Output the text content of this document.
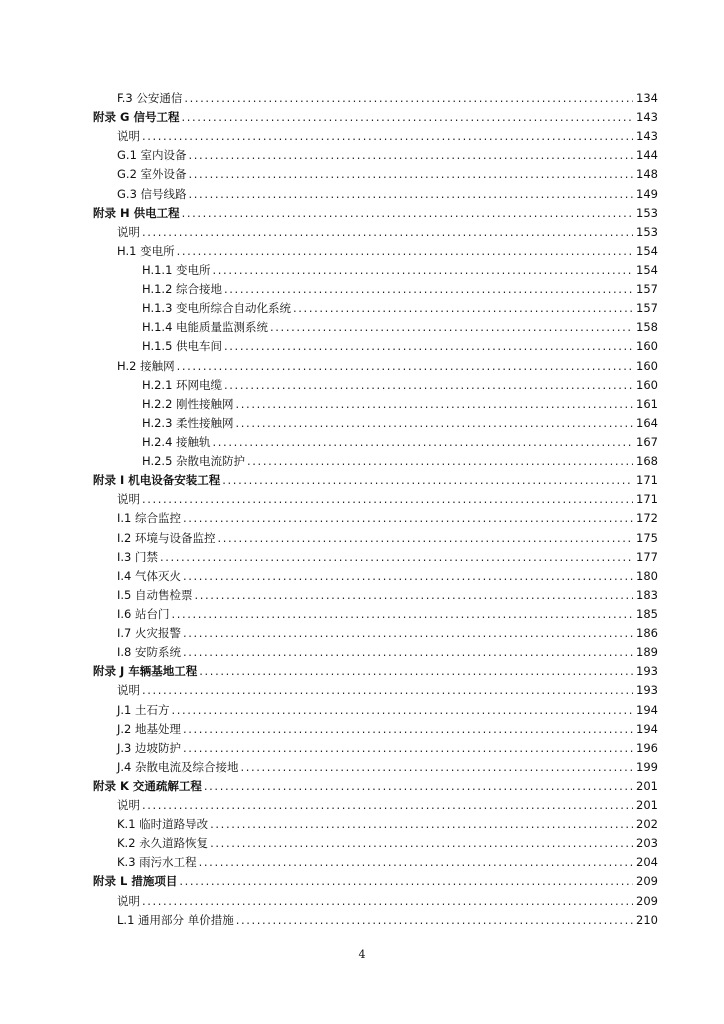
F.3 公安通信 .....	134
附录 G 信号工程 .....	143
说明 .....	143
G.1 室内设备 .....	144
G.2 室外设备 .....	148
G.3 信号线路 .....	149
附录 H 供电工程 .....	153
说明 .....	153
H.1 变电所 .....	154
H.1.1 变电所 .....	154
H.1.2 综合接地 .....	157
H.1.3 变电所综合自动化系统 .....	157
H.1.4 电能质量监测系统 .....	158
H.1.5 供电车间 .....	160
H.2 接触网 .....	160
H.2.1 环网电缆 .....	160
H.2.2 刚性接触网 .....	161
H.2.3 柔性接触网 .....	164
H.2.4 接触轨 .....	167
H.2.5 杂散电流防护 .....	168
附录 I 机电设备安装工程 .....	171
说明 .....	171
I.1 综合监控 .....	172
I.2 环境与设备监控 .....	175
I.3 门禁 .....	177
I.4 气体灭火 .....	180
I.5 自动售检票 .....	183
I.6 站台门 .....	185
I.7 火灾报警 .....	186
I.8 安防系统 .....	189
附录 J 车辆基地工程 .....	193
说明 .....	193
J.1 土石方 .....	194
J.2 地基处理 .....	194
J.3 边坡防护 .....	196
J.4 杂散电流及综合接地 .....	199
附录 K 交通疏解工程 .....	201
说明 .....	201
K.1 临时道路导改 .....	202
K.2 永久道路恢复 .....	203
K.3 雨污水工程 .....	204
附录 L 措施项目 .....	209
说明 .....	209
L.1 通用部分 单价措施 .....	210
4
